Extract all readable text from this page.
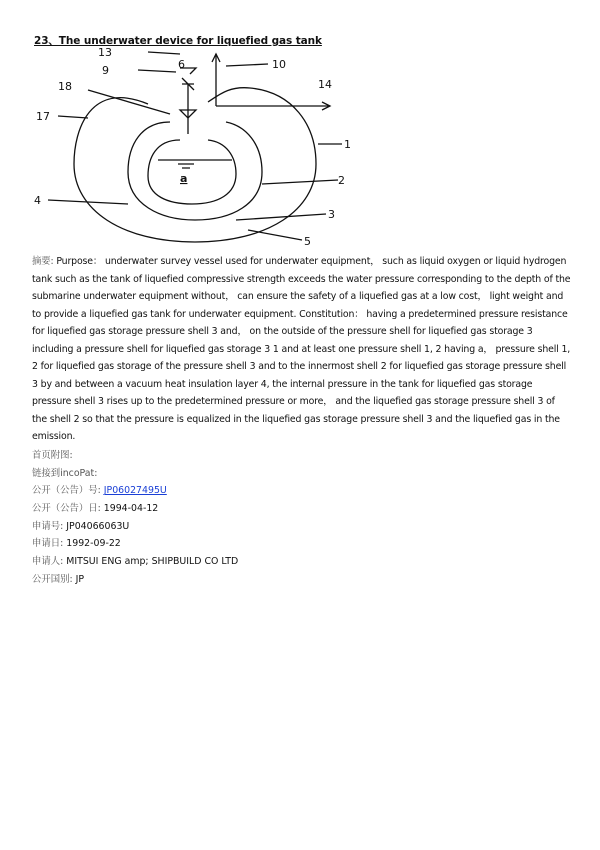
23、The underwater device for liquefied gas tank
13
9	6	10
14
18
17
1
2
4
3
5
a
摘要: Purpose： underwater survey vessel used for underwater equipment， such as liquid oxygen or liquid hydrogen tank such as the tank of liquefied compressive strength exceeds the water pressure corresponding to the depth of the submarine underwater equipment without， can ensure the safety of a liquefied gas at a low cost， light weight and to provide a liquefied gas tank for underwater equipment. Constitution： having a predetermined pressure resistance for liquefied gas storage pressure shell 3 and， on the outside of the pressure shell for liquefied gas storage 3 including a pressure shell for liquefied gas storage 3 1 and at least one pressure shell 1, 2 having a， pressure shell 1, 2 for liquefied gas storage of the pressure shell 3 and to the innermost shell 2 for liquefied gas storage pressure shell 3 by and between a vacuum heat insulation layer 4, the internal pressure in the tank for liquefied gas storage pressure shell 3 rises up to the predetermined pressure or more， and the liquefied gas storage pressure shell 3 of the shell 2 so that the pressure is equalized in the liquefied gas storage pressure shell 3 and the liquefied gas in the emission.
首页附图:
链接到incoPat:
公开（公告）号: JP06027495U
公开（公告）日: 1994-04-12
申请号: JP04066063U
申请日: 1992-09-22
申请人: MITSUI ENG amp; SHIPBUILD CO LTD
公开国别: JP
